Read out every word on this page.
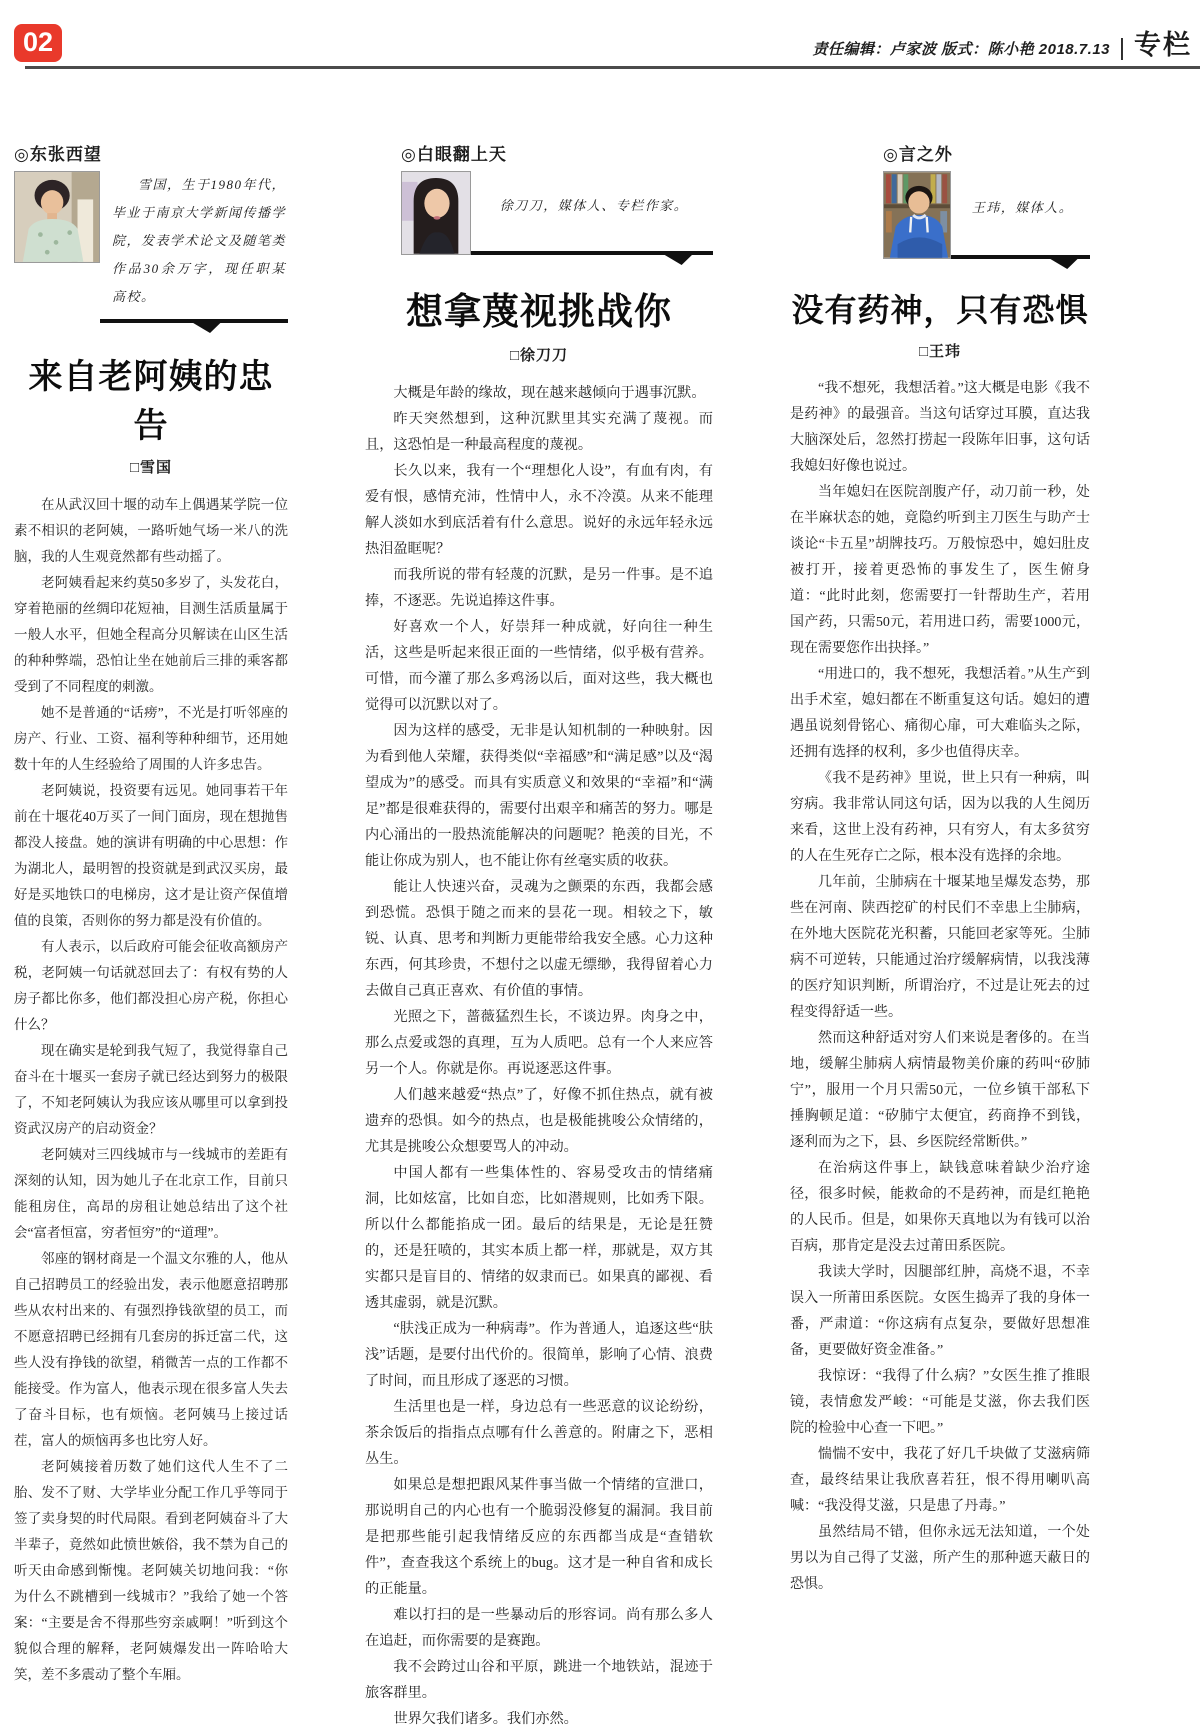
02	责任编辑：卢家波 版式：陈小艳 2018.7.13 | 专栏
◎东张西望

雪国，生于1980年代，毕业于南京大学新闻传播学院，发表学术论文及随笔类作品30余万字，现任职某高校。

来自老阿姨的忠告
□雪国

在从武汉回十堰的动车上偶遇某学院一位素不相识的老阿姨，一路听她气场一米八的洗脑，我的人生观竟然都有些动摇了。

老阿姨看起来约莫50多岁了，头发花白，穿着艳丽的丝绸印花短袖，目测生活质量属于一般人水平，但她全程高分贝解读在山区生活的种种弊端，恐怕让坐在她前后三排的乘客都受到了不同程度的刺激。

她不是普通的“话痨”，不光是打听邻座的房产、行业、工资、福利等种种细节，还用她数十年的人生经验给了周围的人许多忠告。

老阿姨说，投资要有远见。她同事若干年前在十堰花40万买了一间门面房，现在想抛售都没人接盘。她的演讲有明确的中心思想：作为湖北人，最明智的投资就是到武汉买房，最好是买地铁口的电梯房，这才是让资产保值增值的良策，否则你的努力都是没有价值的。

有人表示，以后政府可能会征收高额房产税，老阿姨一句话就怼回去了：有权有势的人房子都比你多，他们都没担心房产税，你担心什么？

现在确实是轮到我气短了，我觉得靠自己奋斗在十堰买一套房子就已经达到努力的极限了，不知老阿姨认为我应该从哪里可以拿到投资武汉房产的启动资金？

老阿姨对三四线城市与一线城市的差距有深刻的认知，因为她儿子在北京工作，目前只能租房住，高昂的房租让她总结出了这个社会“富者恒富，穷者恒穷”的“道理”。

邻座的钢材商是一个温文尔雅的人，他从自己招聘员工的经验出发，表示他愿意招聘那些从农村出来的、有强烈挣钱欲望的员工，而不愿意招聘已经拥有几套房的拆迁富二代，这些人没有挣钱的欲望，稍微苦一点的工作都不能接受。作为富人，他表示现在很多富人失去了奋斗目标，也有烦恼。老阿姨马上接过话茬，富人的烦恼再多也比穷人好。

老阿姨接着历数了她们这代人生不了二胎、发不了财、大学毕业分配工作几乎等同于签了卖身契的时代局限。看到老阿姨奋斗了大半辈子，竟然如此愤世嫉俗，我不禁为自己的听天由命感到惭愧。老阿姨关切地问我：“你为什么不跳槽到一线城市？”我给了她一个答案：“主要是舍不得那些穷亲戚啊！”听到这个貌似合理的解释，老阿姨爆发出一阵哈哈大笑，差不多震动了整个车厢。

◎白眼翻上天

徐刀刀，媒体人、专栏作家。

想拿蔑视挑战你
□徐刀刀

大概是年龄的缘故，现在越来越倾向于遇事沉默。

昨天突然想到，这种沉默里其实充满了蔑视。而且，这恐怕是一种最高程度的蔑视。

长久以来，我有一个“理想化人设”，有血有肉，有爱有恨，感情充沛，性情中人，永不冷漠。从来不能理解人淡如水到底活着有什么意思。说好的永远年轻永远热泪盈眶呢？

而我所说的带有轻蔑的沉默，是另一件事。是不追捧，不逐恶。先说追捧这件事。

好喜欢一个人，好崇拜一种成就，好向往一种生活，这些是听起来很正面的一些情绪，似乎极有营养。可惜，而今灌了那么多鸡汤以后，面对这些，我大概也觉得可以沉默以对了。

因为这样的感受，无非是认知机制的一种映射。因为看到他人荣耀，获得类似“幸福感”和“满足感”以及“渴望成为”的感受。而具有实质意义和效果的“幸福”和“满足”都是很难获得的，需要付出艰辛和痛苦的努力。哪是内心涌出的一股热流能解决的问题呢？艳羡的目光，不能让你成为别人，也不能让你有丝毫实质的收获。

能让人快速兴奋，灵魂为之颤栗的东西，我都会感到恐慌。恐惧于随之而来的昙花一现。相较之下，敏锐、认真、思考和判断力更能带给我安全感。心力这种东西，何其珍贵，不想付之以虚无缥缈，我得留着心力去做自己真正喜欢、有价值的事情。

光照之下，蔷薇猛烈生长，不谈边界。肉身之中，那么点爱或怨的真理，互为人质吧。总有一个人来应答另一个人。你就是你。再说逐恶这件事。

人们越来越爱“热点”了，好像不抓住热点，就有被遗弃的恐惧。如今的热点，也是极能挑唆公众情绪的，尤其是挑唆公众想要骂人的冲动。

中国人都有一些集体性的、容易受攻击的情绪痛洞，比如炫富，比如自恋，比如潜规则，比如秀下限。所以什么都能掐成一团。最后的结果是，无论是狂赞的，还是狂喷的，其实本质上都一样，那就是，双方其实都只是盲目的、情绪的奴隶而已。如果真的鄙视、看透其虚弱，就是沉默。

“肤浅正成为一种病毒”。作为普通人，追逐这些“肤浅”话题，是要付出代价的。很简单，影响了心情、浪费了时间，而且形成了逐恶的习惯。

生活里也是一样，身边总有一些恶意的议论纷纷，茶余饭后的指指点点哪有什么善意的。附庸之下，恶相丛生。

如果总是想把跟风某件事当做一个情绪的宣泄口，那说明自己的内心也有一个脆弱没修复的漏洞。我目前是把那些能引起我情绪反应的东西都当成是“查错软件”，查查我这个系统上的bug。这才是一种自省和成长的正能量。

难以打扫的是一些暴动后的形容词。尚有那么多人在追赶，而你需要的是赛跑。

我不会跨过山谷和平原，跳进一个地铁站，混迹于旅客群里。

世界欠我们诸多。我们亦然。

◎言之外

王玮，媒体人。

没有药神，只有恐惧
□王玮

“我不想死，我想活着。”这大概是电影《我不是药神》的最强音。当这句话穿过耳膜，直达我大脑深处后，忽然打捞起一段陈年旧事，这句话我媳妇好像也说过。

当年媳妇在医院剖腹产仔，动刀前一秒，处在半麻状态的她，竟隐约听到主刀医生与助产士谈论“卡五星”胡牌技巧。万般惊恐中，媳妇肚皮被打开，接着更恐怖的事发生了，医生俯身道：“此时此刻，您需要打一针帮助生产，若用国产药，只需50元，若用进口药，需要1000元，现在需要您作出抉择。”

“用进口的，我不想死，我想活着。”从生产到出手术室，媳妇都在不断重复这句话。媳妇的遭遇虽说刻骨铭心、痛彻心扉，可大难临头之际，还拥有选择的权利，多少也值得庆幸。

《我不是药神》里说，世上只有一种病，叫穷病。我非常认同这句话，因为以我的人生阅历来看，这世上没有药神，只有穷人，有太多贫穷的人在生死存亡之际，根本没有选择的余地。

几年前，尘肺病在十堰某地呈爆发态势，那些在河南、陕西挖矿的村民们不幸患上尘肺病，在外地大医院花光积蓄，只能回老家等死。尘肺病不可逆转，只能通过治疗缓解病情，以我浅薄的医疗知识判断，所谓治疗，不过是让死去的过程变得舒适一些。

然而这种舒适对穷人们来说是奢侈的。在当地，缓解尘肺病人病情最物美价廉的药叫“矽肺宁”，服用一个月只需50元，一位乡镇干部私下捶胸顿足道：“矽肺宁太便宜，药商挣不到钱，逐利而为之下，县、乡医院经常断供。”

在治病这件事上，缺钱意味着缺少治疗途径，很多时候，能救命的不是药神，而是红艳艳的人民币。但是，如果你天真地以为有钱可以治百病，那肯定是没去过莆田系医院。

我读大学时，因腿部红肿，高烧不退，不幸误入一所莆田系医院。女医生捣弄了我的身体一番，严肃道：“你这病有点复杂，要做好思想准备，更要做好资金准备。”

我惊讶：“我得了什么病？”女医生推了推眼镜，表情愈发严峻：“可能是艾滋，你去我们医院的检验中心查一下吧。”

惴惴不安中，我花了好几千块做了艾滋病筛查，最终结果让我欣喜若狂，恨不得用喇叭高喊：“我没得艾滋，只是患了丹毒。”

虽然结局不错，但你永远无法知道，一个处男以为自己得了艾滋，所产生的那种遮天蔽日的恐惧。
